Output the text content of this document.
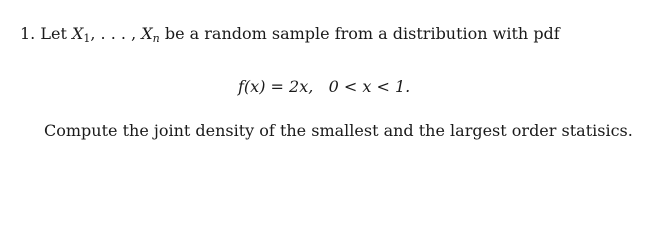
1. Let $X_1$, . . . , $X_n$ be a random sample from a distribution with pdf
f(x) = 2x, 0 < x < 1.
Compute the joint density of the smallest and the largest order statisics.
